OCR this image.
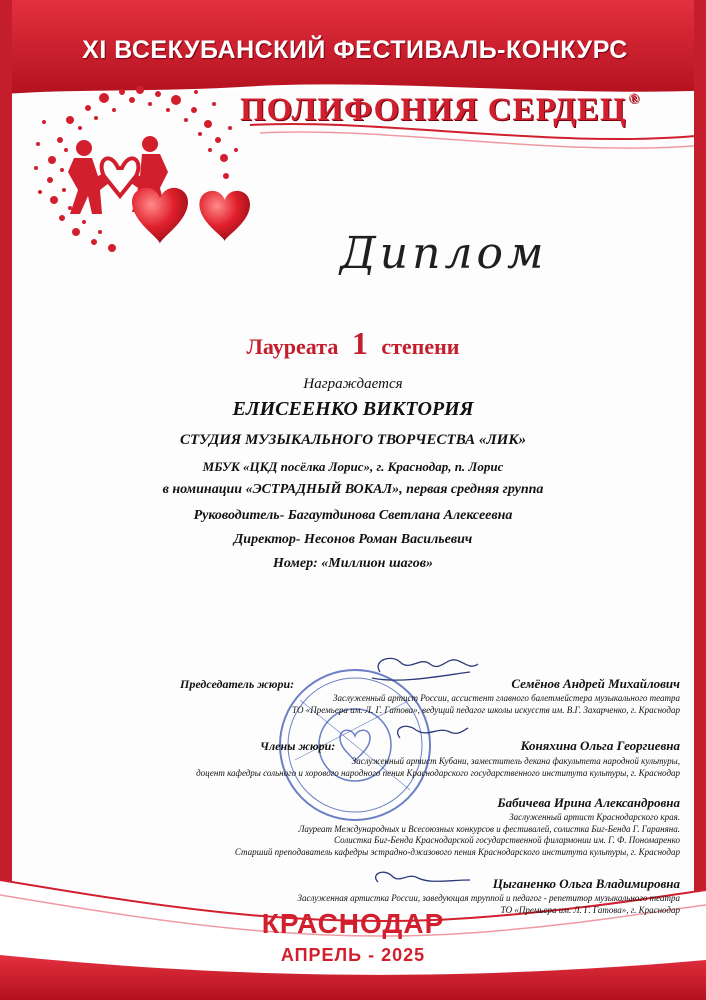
XI ВСЕКУБАНСКИЙ ФЕСТИВАЛЬ-КОНКУРС
ПОЛИФОНИЯ СЕРДЕЦ ®
Диплом
Лауреата 1 степени
Награждается
ЕЛИСЕЕНКО ВИКТОРИЯ
СТУДИЯ МУЗЫКАЛЬНОГО ТВОРЧЕСТВА «ЛИК»
МБУК «ЦКД посёлка Лорис», г. Краснодар, п. Лорис
в номинации «ЭСТРАДНЫЙ ВОКАЛ», первая средняя группа
Руководитель- Багаутдинова Светлана Алексеевна
Директор- Несонов Роман Васильевич
Номер: «Миллион шагов»
Председатель жюри:	Семёнов Андрей Михайлович
Заслуженный артист России, ассистент главного балетмейстера музыкального театра
ТО «Премьера им. Л. Г. Гатова», ведущий педагог школы искусств им. В.Г. Захарченко, г. Краснодар
Члены жюри:	Коняхина Ольга Георгиевна
Заслуженный артист Кубани, заместитель декана факультета народной культуры,
доцент кафедры сольного и хорового народного пения Краснодарского государственного института культуры, г. Краснодар
Бабичева Ирина Александровна
Заслуженный артист Краснодарского края.
Лауреат Международных и Всесоюзных конкурсов и фестивалей, солистка Биг-Бенда Г. Гараняна.
Солистка Биг-Бенда Краснодарской государственной филармонии им. Г. Ф. Пономаренко
Старший преподаватель кафедры эстрадно-джазового пения Краснодарского института культуры, г. Краснодар
Цыганенко Ольга Владимировна
Заслуженная артистка России, заведующая труппой и педагог - репетитор музыкального театра
ТО «Премьера им. Л. Г. Гатова», г. Краснодар
КРАСНОДАР
АПРЕЛЬ - 2025
